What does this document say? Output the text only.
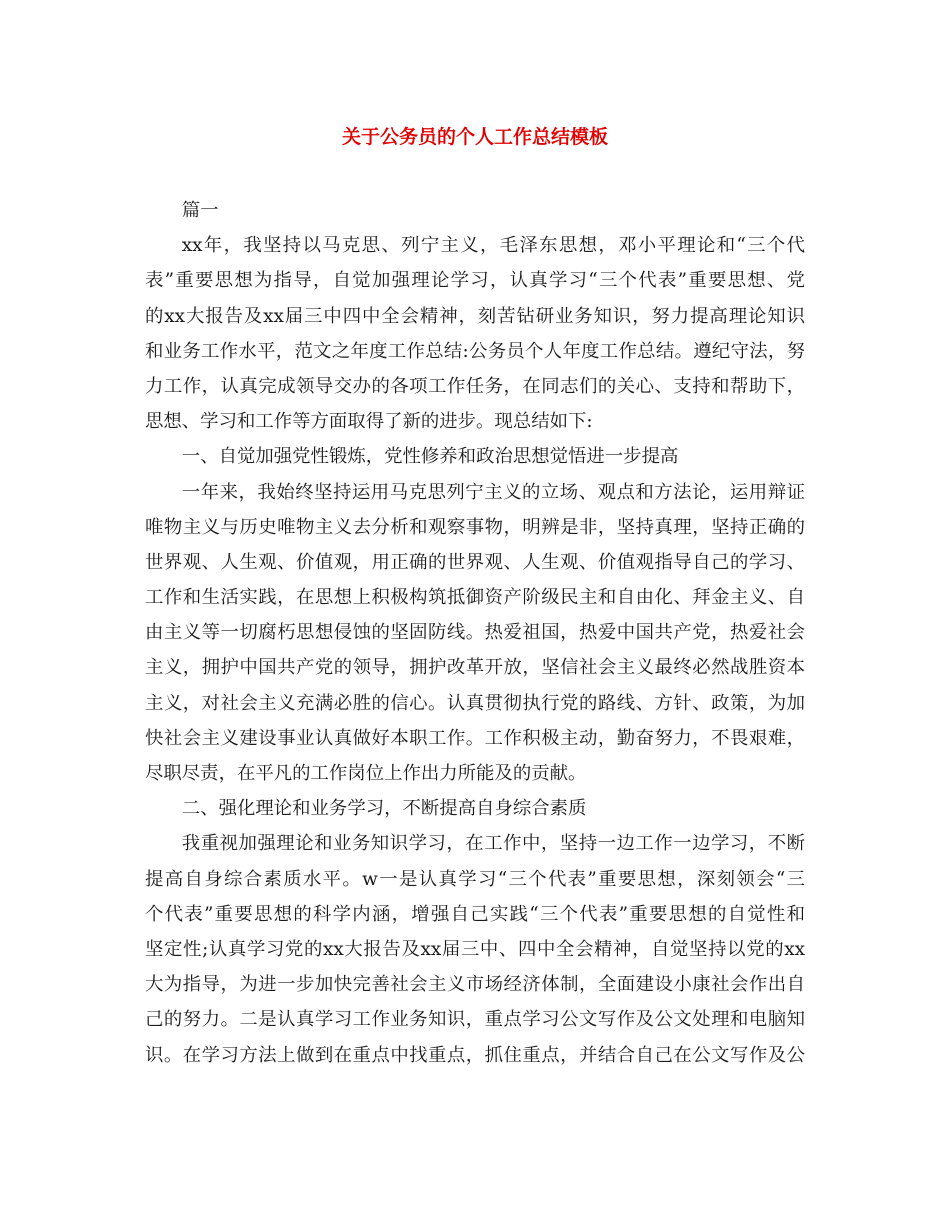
关于公务员的个人工作总结模板
篇一
xx年，我坚持以马克思、列宁主义，毛泽东思想，邓小平理论和“三个代
表”重要思想为指导，自觉加强理论学习，认真学习“三个代表”重要思想、党
的xx大报告及xx届三中四中全会精神，刻苦钻研业务知识，努力提高理论知识
和业务工作水平，范文之年度工作总结:公务员个人年度工作总结。遵纪守法，努
力工作，认真完成领导交办的各项工作任务，在同志们的关心、支持和帮助下，
思想、学习和工作等方面取得了新的进步。现总结如下:
一、自觉加强党性锻炼，党性修养和政治思想觉悟进一步提高
一年来，我始终坚持运用马克思列宁主义的立场、观点和方法论，运用辩证
唯物主义与历史唯物主义去分析和观察事物，明辨是非，坚持真理，坚持正确的
世界观、人生观、价值观，用正确的世界观、人生观、价值观指导自己的学习、
工作和生活实践，在思想上积极构筑抵御资产阶级民主和自由化、拜金主义、自
由主义等一切腐朽思想侵蚀的坚固防线。热爱祖国，热爱中国共产党，热爱社会
主义，拥护中国共产党的领导，拥护改革开放，坚信社会主义最终必然战胜资本
主义，对社会主义充满必胜的信心。认真贯彻执行党的路线、方针、政策，为加
快社会主义建设事业认真做好本职工作。工作积极主动，勤奋努力，不畏艰难，
尽职尽责，在平凡的工作岗位上作出力所能及的贡献。
二、强化理论和业务学习，不断提高自身综合素质
我重视加强理论和业务知识学习，在工作中，坚持一边工作一边学习，不断
提高自身综合素质水平。w一是认真学习“三个代表”重要思想，深刻领会“三
个代表”重要思想的科学内涵，增强自己实践“三个代表”重要思想的自觉性和
坚定性;认真学习党的xx大报告及xx届三中、四中全会精神，自觉坚持以党的xx
大为指导，为进一步加快完善社会主义市场经济体制，全面建设小康社会作出自
己的努力。二是认真学习工作业务知识，重点学习公文写作及公文处理和电脑知
识。在学习方法上做到在重点中找重点，抓住重点，并结合自己在公文写作及公
